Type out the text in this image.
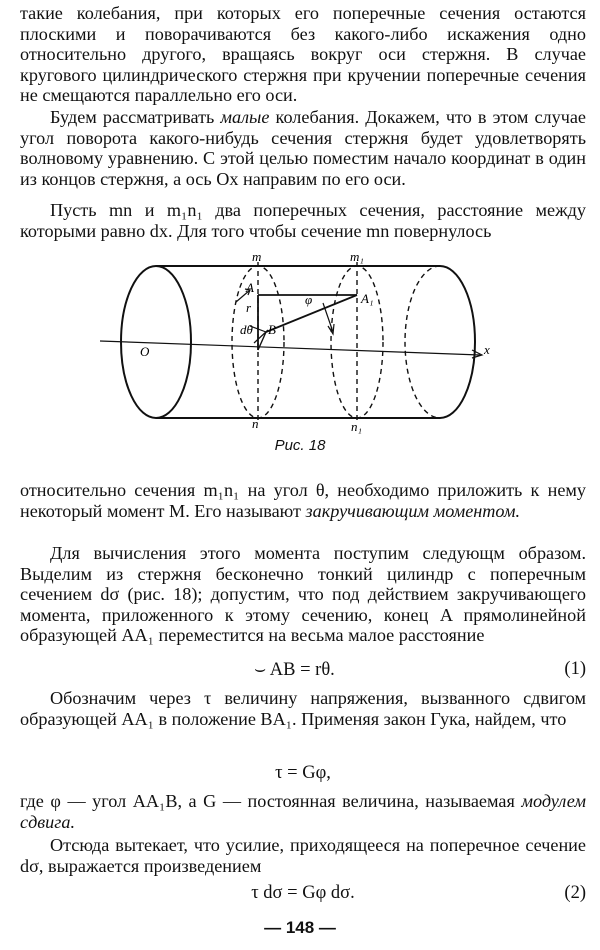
такие колебания, при которых его поперечные сечения остаются плоскими и поворачиваются без какого-либо искажения одно относительно другого, вращаясь вокруг оси стержня. В случае кругового цилиндрического стержня при кручении поперечные сечения не смещаются параллельно его оси.

Будем рассматривать малые колебания. Докажем, что в этом случае угол поворота какого-нибудь сечения стержня будет удовлетворять волновому уравнению. С этой целью поместим начало координат в один из концов стержня, а ось Ox направим по его оси.

Пусть mn и m₁n₁ два поперечных сечения, расстояние между которыми равно dx. Для того чтобы сечение mn повернулось

m	m₁
n	n₁
A
A₁
B
r
dθ
φ
O	x
Рис. 18

относительно сечения m₁n₁ на угол θ, необходимо приложить к нему некоторый момент M. Его называют закручивающим моментом.

Для вычисления этого момента поступим следующм образом. Выделим из стержня бесконечно тонкий цилиндр с поперечным сечением dσ (рис. 18); допустим, что под действием закручивающего момента, приложенного к этому сечению, конец A прямолинейной образующей AA₁ переместится на весьма малое расстояние

⌣ AB = rθ.	(1)

Обозначим через τ величину напряжения, вызванного сдвигом образующей AA₁ в положение BA₁. Применяя закон Гука, найдем, что

τ = Gφ,

где φ — угол AA₁B, а G — постоянная величина, называемая модулем сдвига.

Отсюда вытекает, что усилие, приходящееся на поперечное сечение dσ, выражается произведением

τ dσ = Gφ dσ.	(2)
— 148 —
